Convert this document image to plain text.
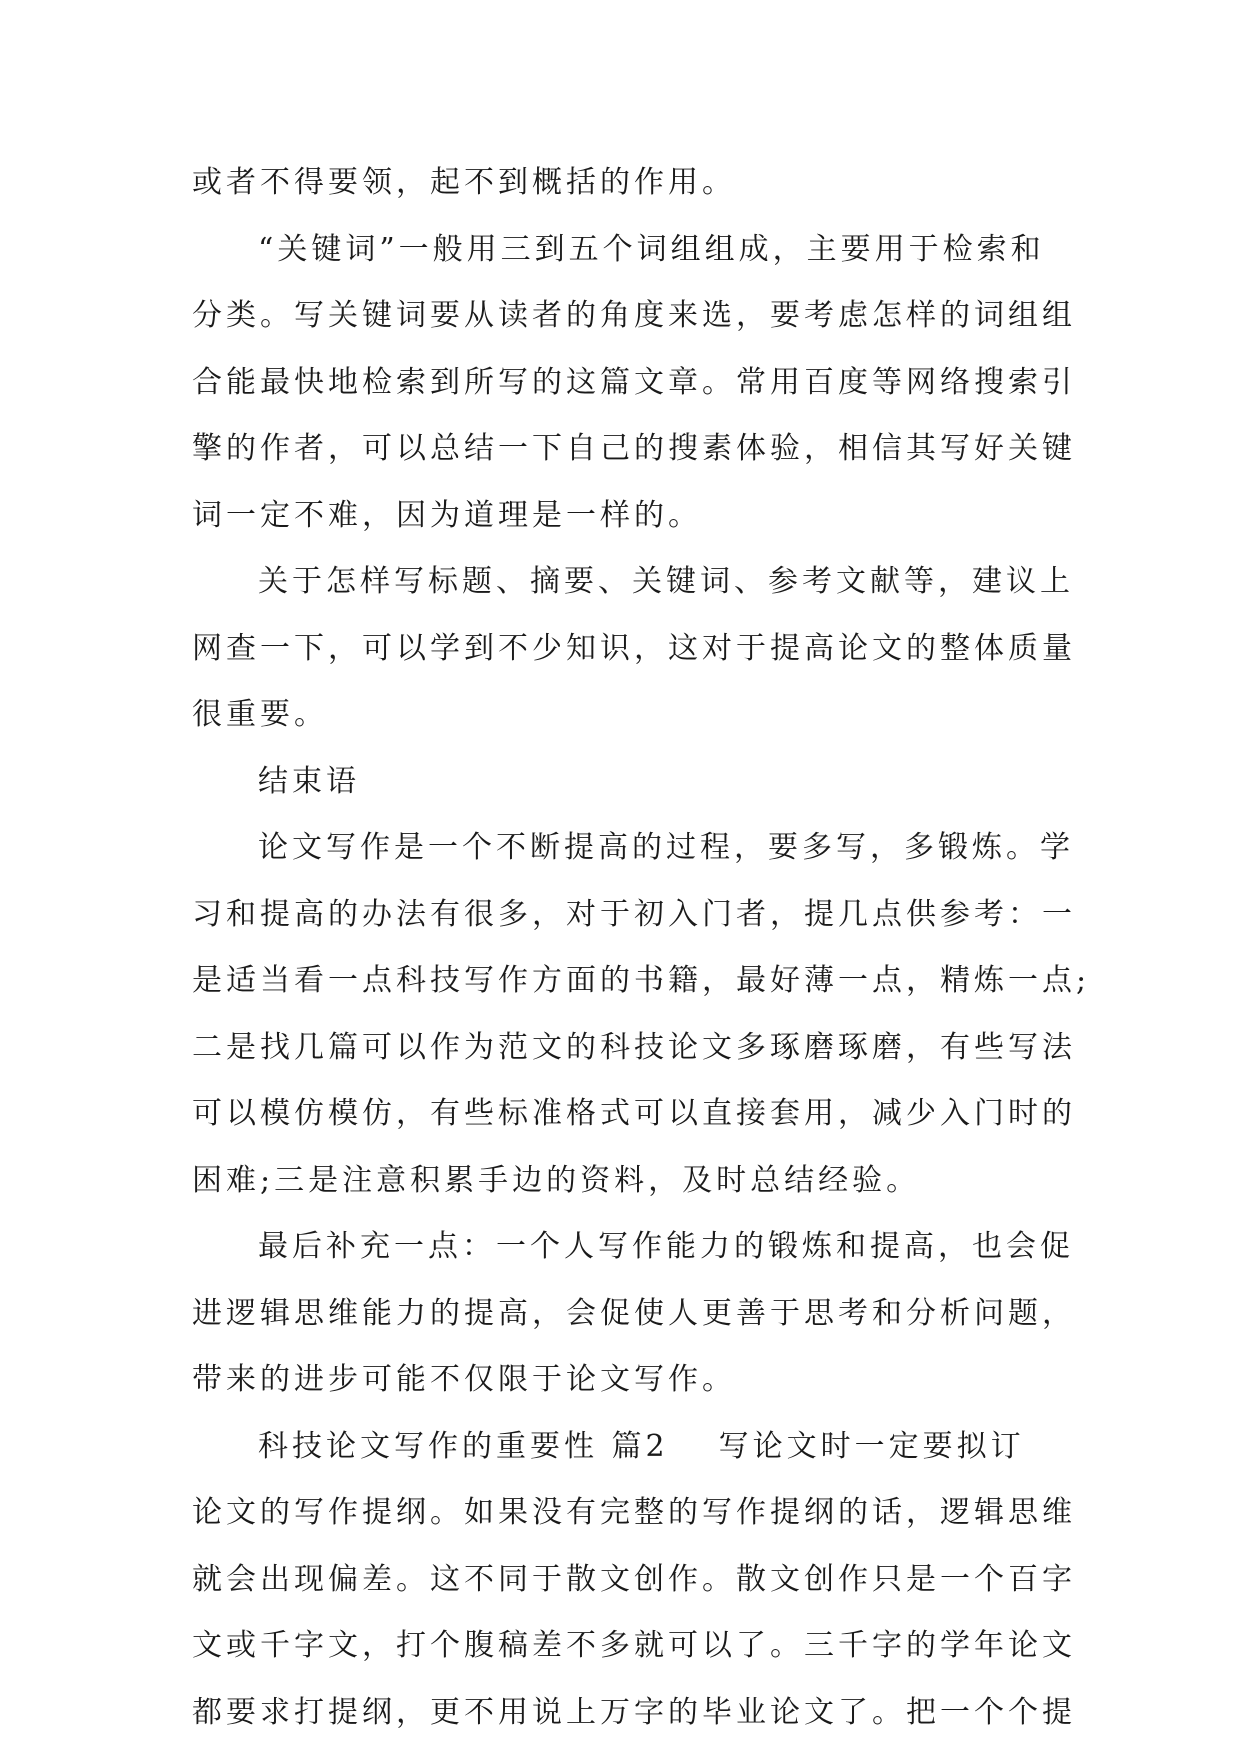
或者不得要领，起不到概括的作用。
“关键词”一般用三到五个词组组成，主要用于检索和
分类。写关键词要从读者的角度来选，要考虑怎样的词组组
合能最快地检索到所写的这篇文章。常用百度等网络搜索引
擎的作者，可以总结一下自己的搜素体验，相信其写好关键
词一定不难，因为道理是一样的。
关于怎样写标题、摘要、关键词、参考文献等，建议上
网查一下，可以学到不少知识，这对于提高论文的整体质量
很重要。
结束语
论文写作是一个不断提高的过程，要多写，多锻炼。学
习和提高的办法有很多，对于初入门者，提几点供参考：一
是适当看一点科技写作方面的书籍，最好薄一点，精炼一点;
二是找几篇可以作为范文的科技论文多琢磨琢磨，有些写法
可以模仿模仿，有些标准格式可以直接套用，减少入门时的
困难;三是注意积累手边的资料，及时总结经验。
最后补充一点：一个人写作能力的锻炼和提高，也会促
进逻辑思维能力的提高，会促使人更善于思考和分析问题，
带来的进步可能不仅限于论文写作。
科技论文写作的重要性 篇2 写论文时一定要拟订
论文的写作提纲。如果没有完整的写作提纲的话，逻辑思维
就会出现偏差。这不同于散文创作。散文创作只是一个百字
文或千字文，打个腹稿差不多就可以了。三千字的学年论文
都要求打提纲，更不用说上万字的毕业论文了。把一个个提
